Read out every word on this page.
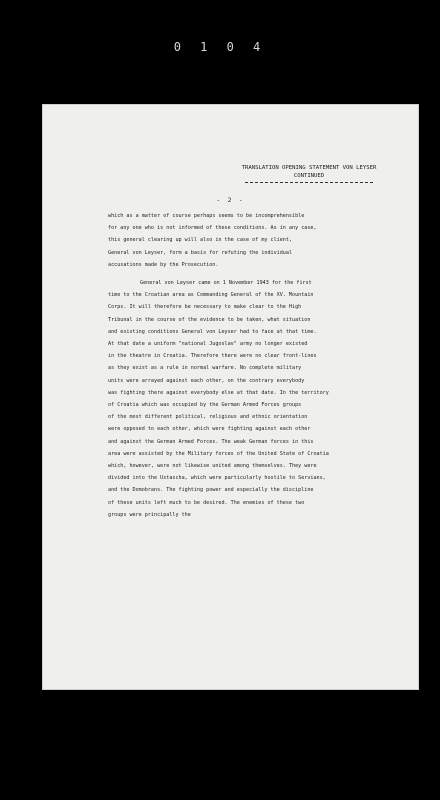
0 1 0 4
TRANSLATION OPENING STATEMENT VON LEYSER
CONTINUED
- 2 -
which as a matter of course perhaps seems to be incomprehensible
for any one who is not informed of these conditions. As in any case,
this general clearing up will also in the case of my client,
General von Leyser, form a basis for refuting the individual
accusations made by the Prosecution.
General von Leyser came on 1 November 1943 for the first
time to the Croatian area as Commanding General of the XV. Mountain
Corps. It will therefore be necessary to make clear to the High
Tribunal in the course of the evidence to be taken, what situation
and existing conditions General von Leyser had to face at that time.
At that date a uniform "national Jugoslav" army no longer existed
in the theatre in Croatia. Therefore there were no clear front-lines
as they exist as a rule in normal warfare. No complete military
units were arrayed against each other, on the contrary everybody
was fighting there against everybody else at that date. In the territory
of Croatia which was occupied by the German Armed Forces groups
of the most different political, religious and ethnic orientation
were opposed to each other, which were fighting against each other
and against the German Armed Forces. The weak German forces in this
area were assisted by the Military forces of the United State of Croatia
which, however, were not likewise united among themselves. They were
divided into the Ustascha, which were particularly hostile to Servians,
and the Domobrans. The fighting power and especially the discipline
of these units left much to be desired. The enemies of these two
groups were principally the
